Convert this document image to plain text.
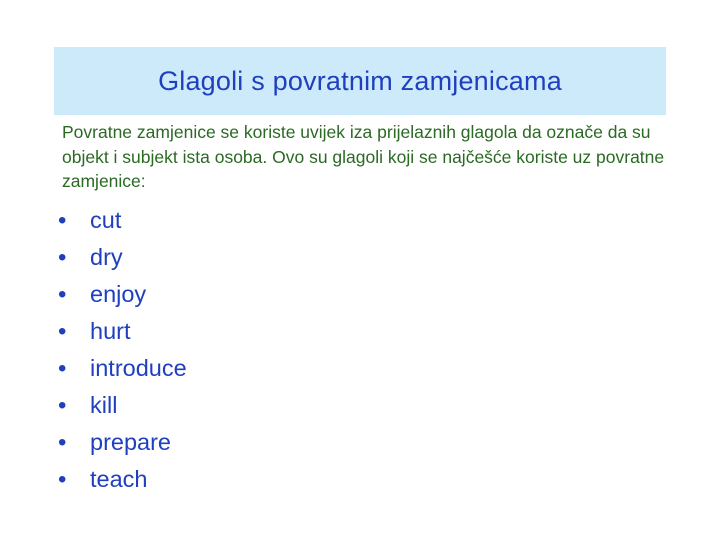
Glagoli s povratnim zamjenicama

Povratne zamjenice se koriste uvijek iza prijelaznih glagola da označe da su objekt i subjekt ista osoba. Ovo su glagoli koji se najčešće koriste uz povratne zamjenice:

•	cut
•	dry
•	enjoy
•	hurt
•	introduce
•	kill
•	prepare
•	teach
